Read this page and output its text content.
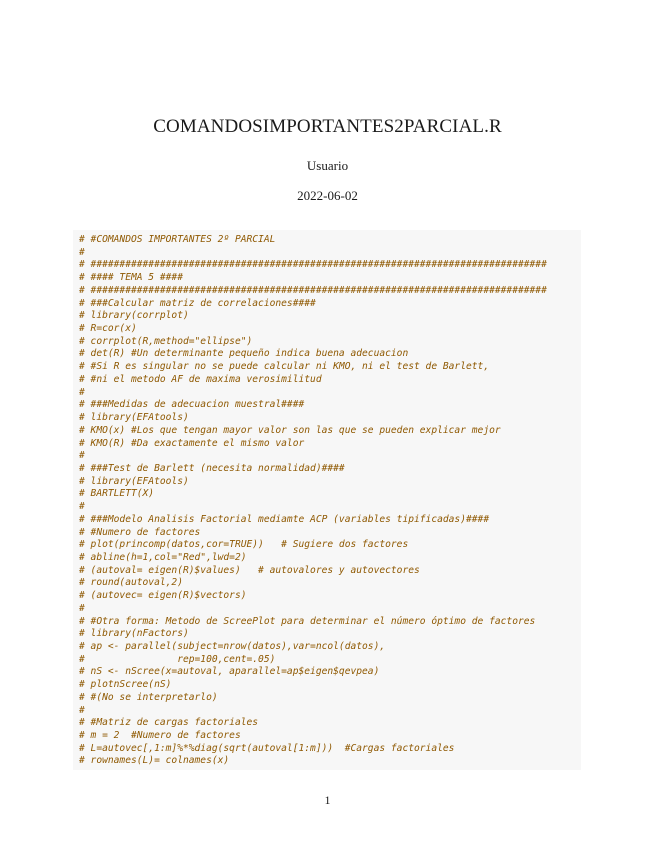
COMANDOSIMPORTANTES2PARCIAL.R
Usuario
2022-06-02
# #COMANDOS IMPORTANTES 2º PARCIAL
#
# ###############################################################################
# #### TEMA 5 ####
# ###############################################################################
# ###Calcular matriz de correlaciones####
# library(corrplot)
# R=cor(x)
# corrplot(R,method="ellipse")
# det(R) #Un determinante pequeño indica buena adecuacion
# #Si R es singular no se puede calcular ni KMO, ni el test de Barlett,
# #ni el metodo AF de maxima verosimilitud
#
# ###Medidas de adecuacion muestral####
# library(EFAtools)
# KMO(x) #Los que tengan mayor valor son las que se pueden explicar mejor
# KMO(R) #Da exactamente el mismo valor
#
# ###Test de Barlett (necesita normalidad)####
# library(EFAtools)
# BARTLETT(X)
#
# ###Modelo Analisis Factorial mediamte ACP (variables tipificadas)####
# #Numero de factores
# plot(princomp(datos,cor=TRUE))   # Sugiere dos factores
# abline(h=1,col="Red",lwd=2)
# (autoval= eigen(R)$values)   # autovalores y autovectores
# round(autoval,2)
# (autovec= eigen(R)$vectors)
#
# #Otra forma: Metodo de ScreePlot para determinar el número óptimo de factores
# library(nFactors)
# ap <- parallel(subject=nrow(datos),var=ncol(datos),
#                rep=100,cent=.05)
# nS <- nScree(x=autoval, aparallel=ap$eigen$qevpea)
# plotnScree(nS)
# #(No se interpretarlo)
#
# #Matriz de cargas factoriales
# m = 2  #Numero de factores
# L=autovec[,1:m]%*%diag(sqrt(autoval[1:m]))  #Cargas factoriales
# rownames(L)= colnames(x)
1
